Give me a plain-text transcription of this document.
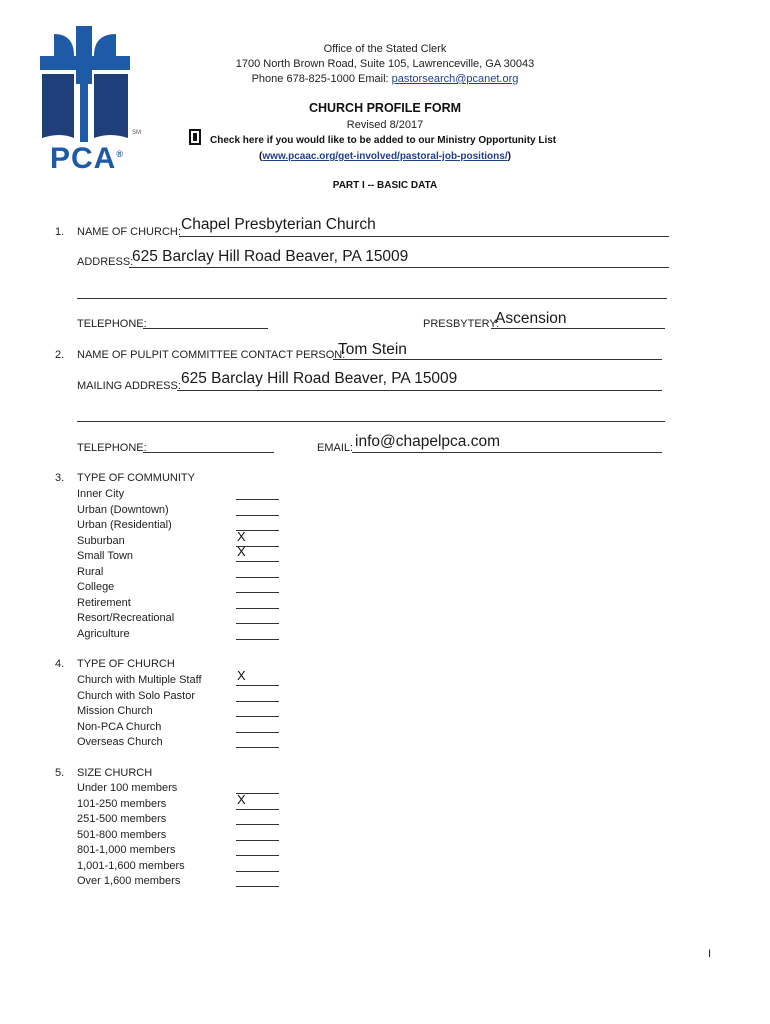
SM
PCA®
Office of the Stated Clerk
1700 North Brown Road, Suite 105, Lawrenceville, GA 30043
Phone 678-825-1000 Email: pastorsearch@pcanet.org
CHURCH PROFILE FORM
Revised 8/2017
Check here if you would like to be added to our Ministry Opportunity List
(www.pcaac.org/get-involved/pastoral-job-positions/)
PART I -- BASIC DATA
1. NAME OF CHURCH: Chapel Presbyterian Church
ADDRESS:
625 Barclay Hill Road Beaver, PA 15009
TELEPHONE:	PRESBYTERY:
Ascension
2. NAME OF PULPIT COMMITTEE CONTACT PERSON:
Tom Stein
MAILING ADDRESS: 625 Barclay Hill Road Beaver, PA 15009
TELEPHONE:	EMAIL: info@chapelpca.com
3. TYPE OF COMMUNITY
Inner City
Urban (Downtown)
Urban (Residential)
Suburban	X
Small Town	X
Rural
College
Retirement
Resort/Recreational
Agriculture
4. TYPE OF CHURCH
Church with Multiple Staff	X
Church with Solo Pastor
Mission Church
Non-PCA Church
Overseas Church
5. SIZE CHURCH
Under 100 members
101-250 members	X
251-500 members
501-800 members
801-1,000 members
1,001-1,600 members
Over 1,600 members
I
